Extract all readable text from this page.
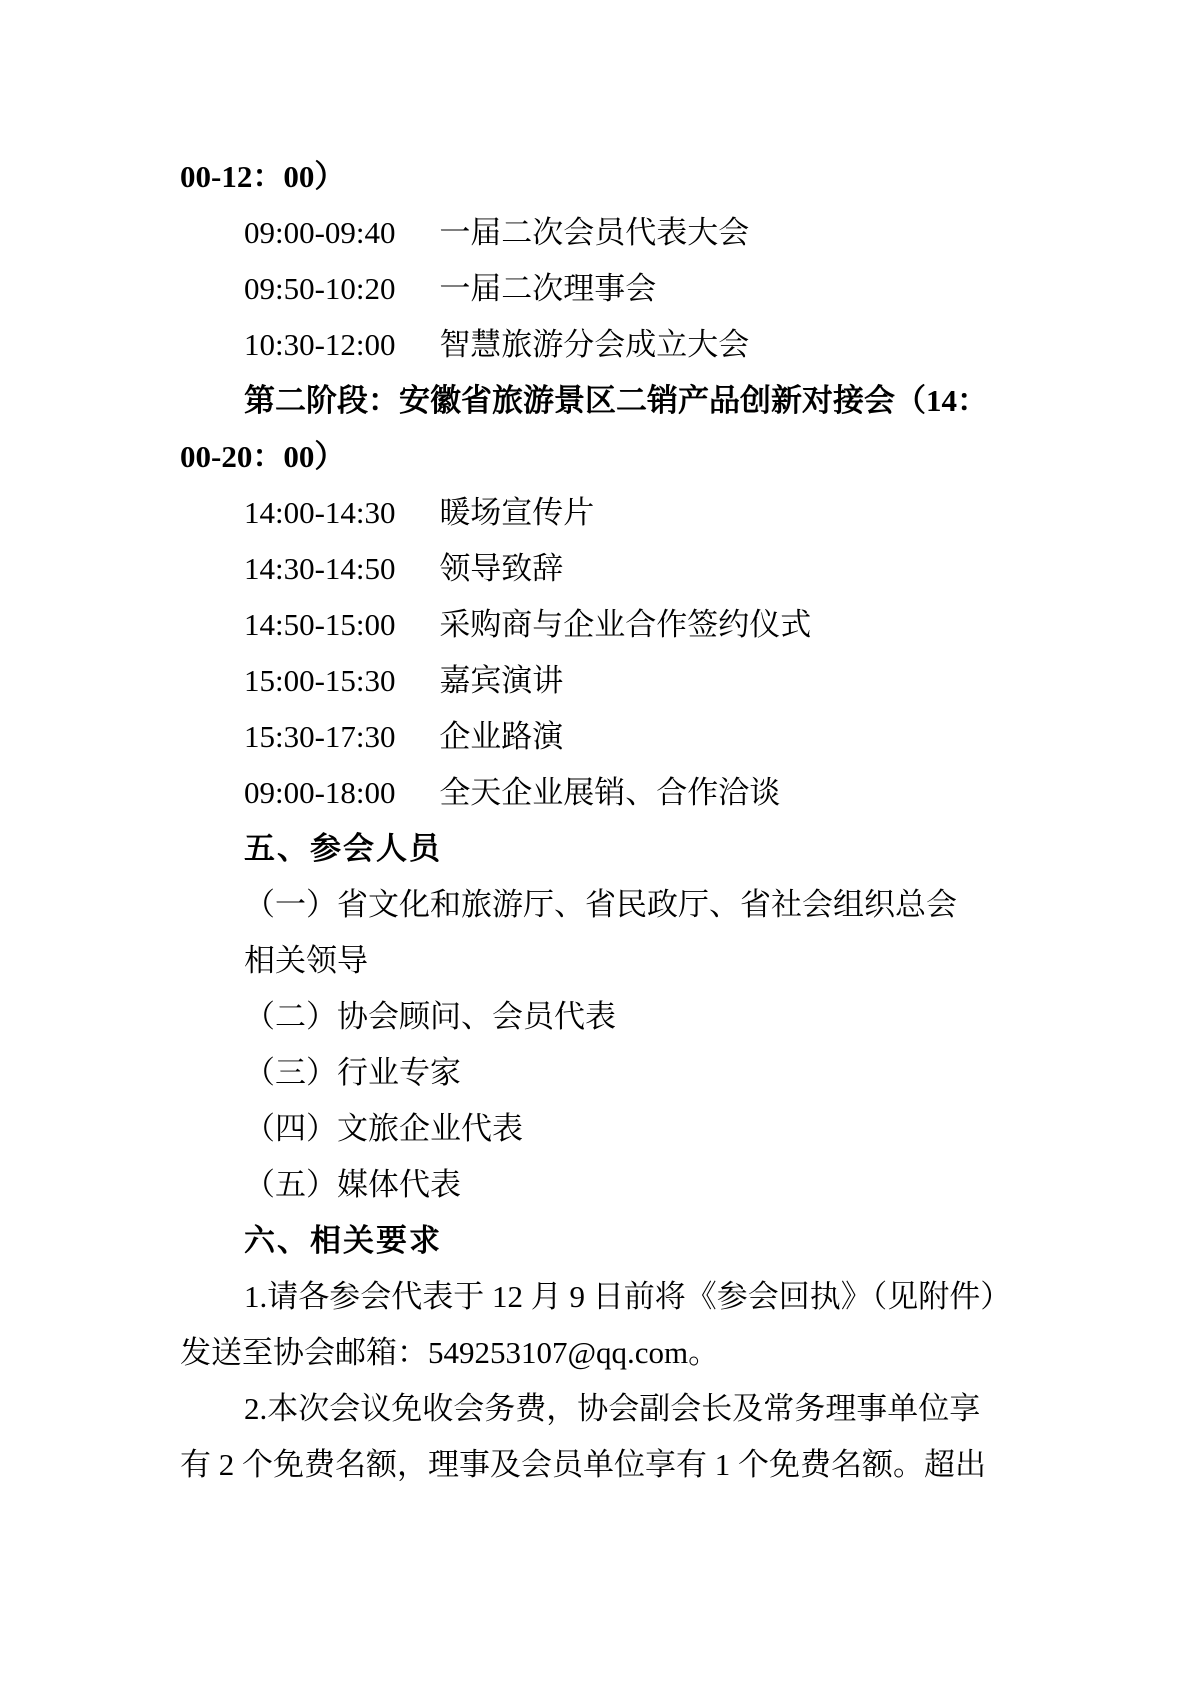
00-12：00）

09:00-09:40 一届二次会员代表大会

09:50-10:20 一届二次理事会

10:30-12:00 智慧旅游分会成立大会

第二阶段：安徽省旅游景区二销产品创新对接会（14：

00-20：00）

14:00-14:30 暖场宣传片

14:30-14:50 领导致辞

14:50-15:00 采购商与企业合作签约仪式

15:00-15:30 嘉宾演讲

15:30-17:30 企业路演

09:00-18:00 全天企业展销、合作洽谈

五、参会人员

（一）省文化和旅游厅、省民政厅、省社会组织总会

相关领导

（二）协会顾问、会员代表

（三）行业专家

（四）文旅企业代表

（五）媒体代表

六、相关要求

1.请各参会代表于 12 月 9 日前将《参会回执》（见附件）

发送至协会邮箱：549253107@qq.com。

2.本次会议免收会务费，协会副会长及常务理事单位享

有 2 个免费名额，理事及会员单位享有 1 个免费名额。超出
